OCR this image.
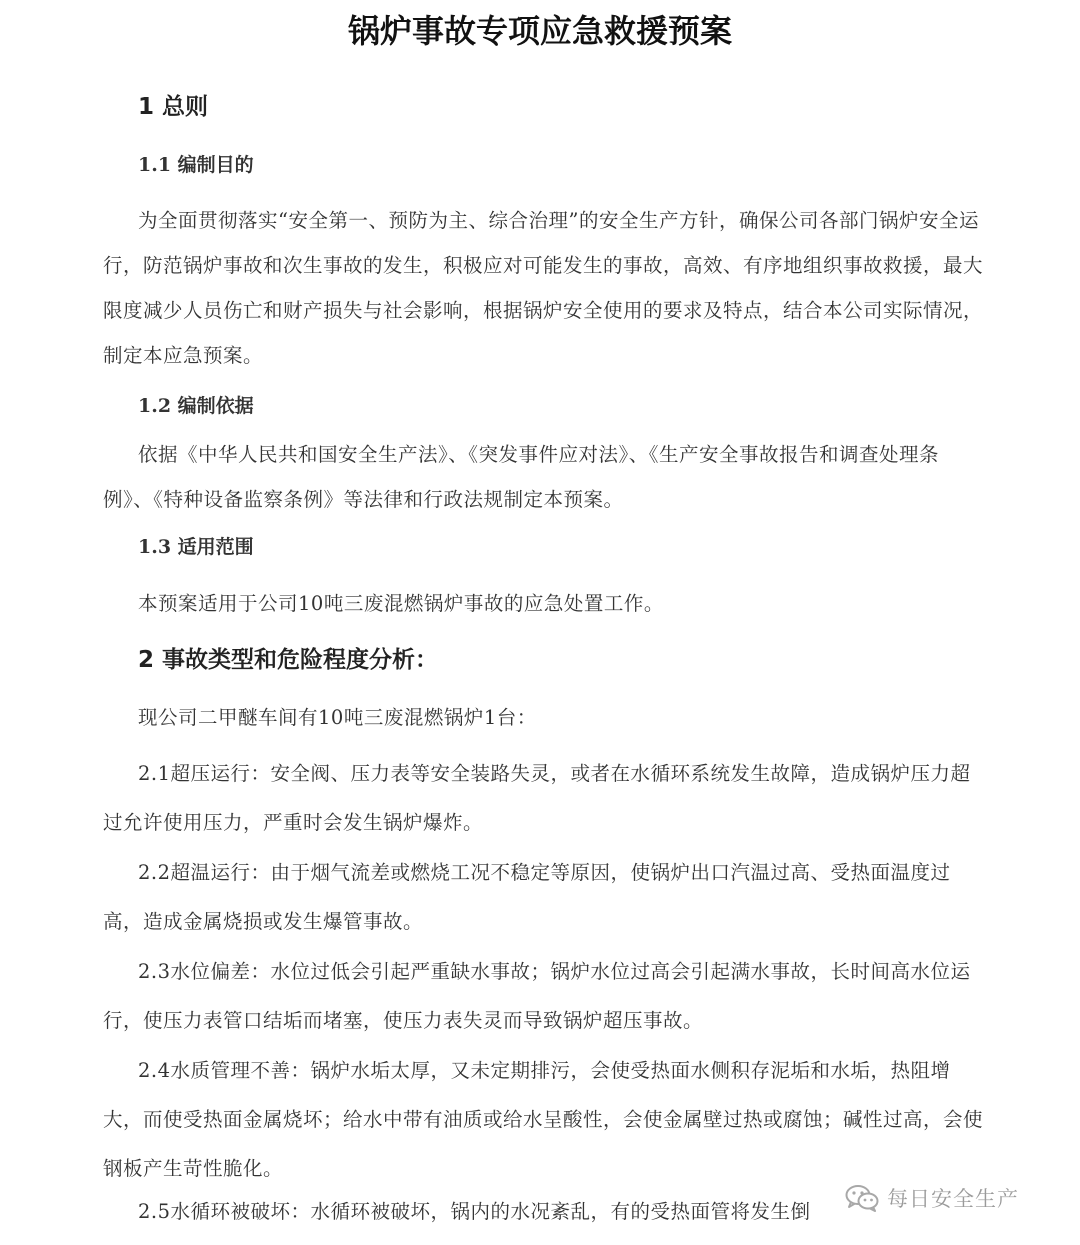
锅炉事故专项应急救援预案
1 总则
1.1 编制目的

为全面贯彻落实“安全第一、预防为主、综合治理”的安全生产方针，确保公司各部门锅炉安全运行，防范锅炉事故和次生事故的发生，积极应对可能发生的事故，高效、有序地组织事故救援，最大限度减少人员伤亡和财产损失与社会影响，根据锅炉安全使用的要求及特点，结合本公司实际情况，制定本应急预案。

1.2 编制依据

依据《中华人民共和国安全生产法》、《突发事件应对法》、《生产安全事故报告和调查处理条例》、《特种设备监察条例》等法律和行政法规制定本预案。

1.3 适用范围

本预案适用于公司10吨三废混燃锅炉事故的应急处置工作。

2 事故类型和危险程度分析：

现公司二甲醚车间有10吨三废混燃锅炉1台：

2.1超压运行：安全阀、压力表等安全装路失灵，或者在水循环系统发生故障，造成锅炉压力超过允许使用压力，严重时会发生锅炉爆炸。

2.2超温运行：由于烟气流差或燃烧工况不稳定等原因，使锅炉出口汽温过高、受热面温度过高，造成金属烧损或发生爆管事故。

2.3水位偏差：水位过低会引起严重缺水事故；锅炉水位过高会引起满水事故，长时间高水位运行，使压力表管口结垢而堵塞，使压力表失灵而导致锅炉超压事故。

2.4水质管理不善：锅炉水垢太厚，又未定期排污，会使受热面水侧积存泥垢和水垢，热阻增大，而使受热面金属烧坏；给水中带有油质或给水呈酸性，会使金属壁过热或腐蚀；碱性过高，会使钢板产生苛性脆化。

2.5水循环被破坏：水循环被破坏，锅内的水况紊乱，有的受热面管将发生倒

每日安全生产
